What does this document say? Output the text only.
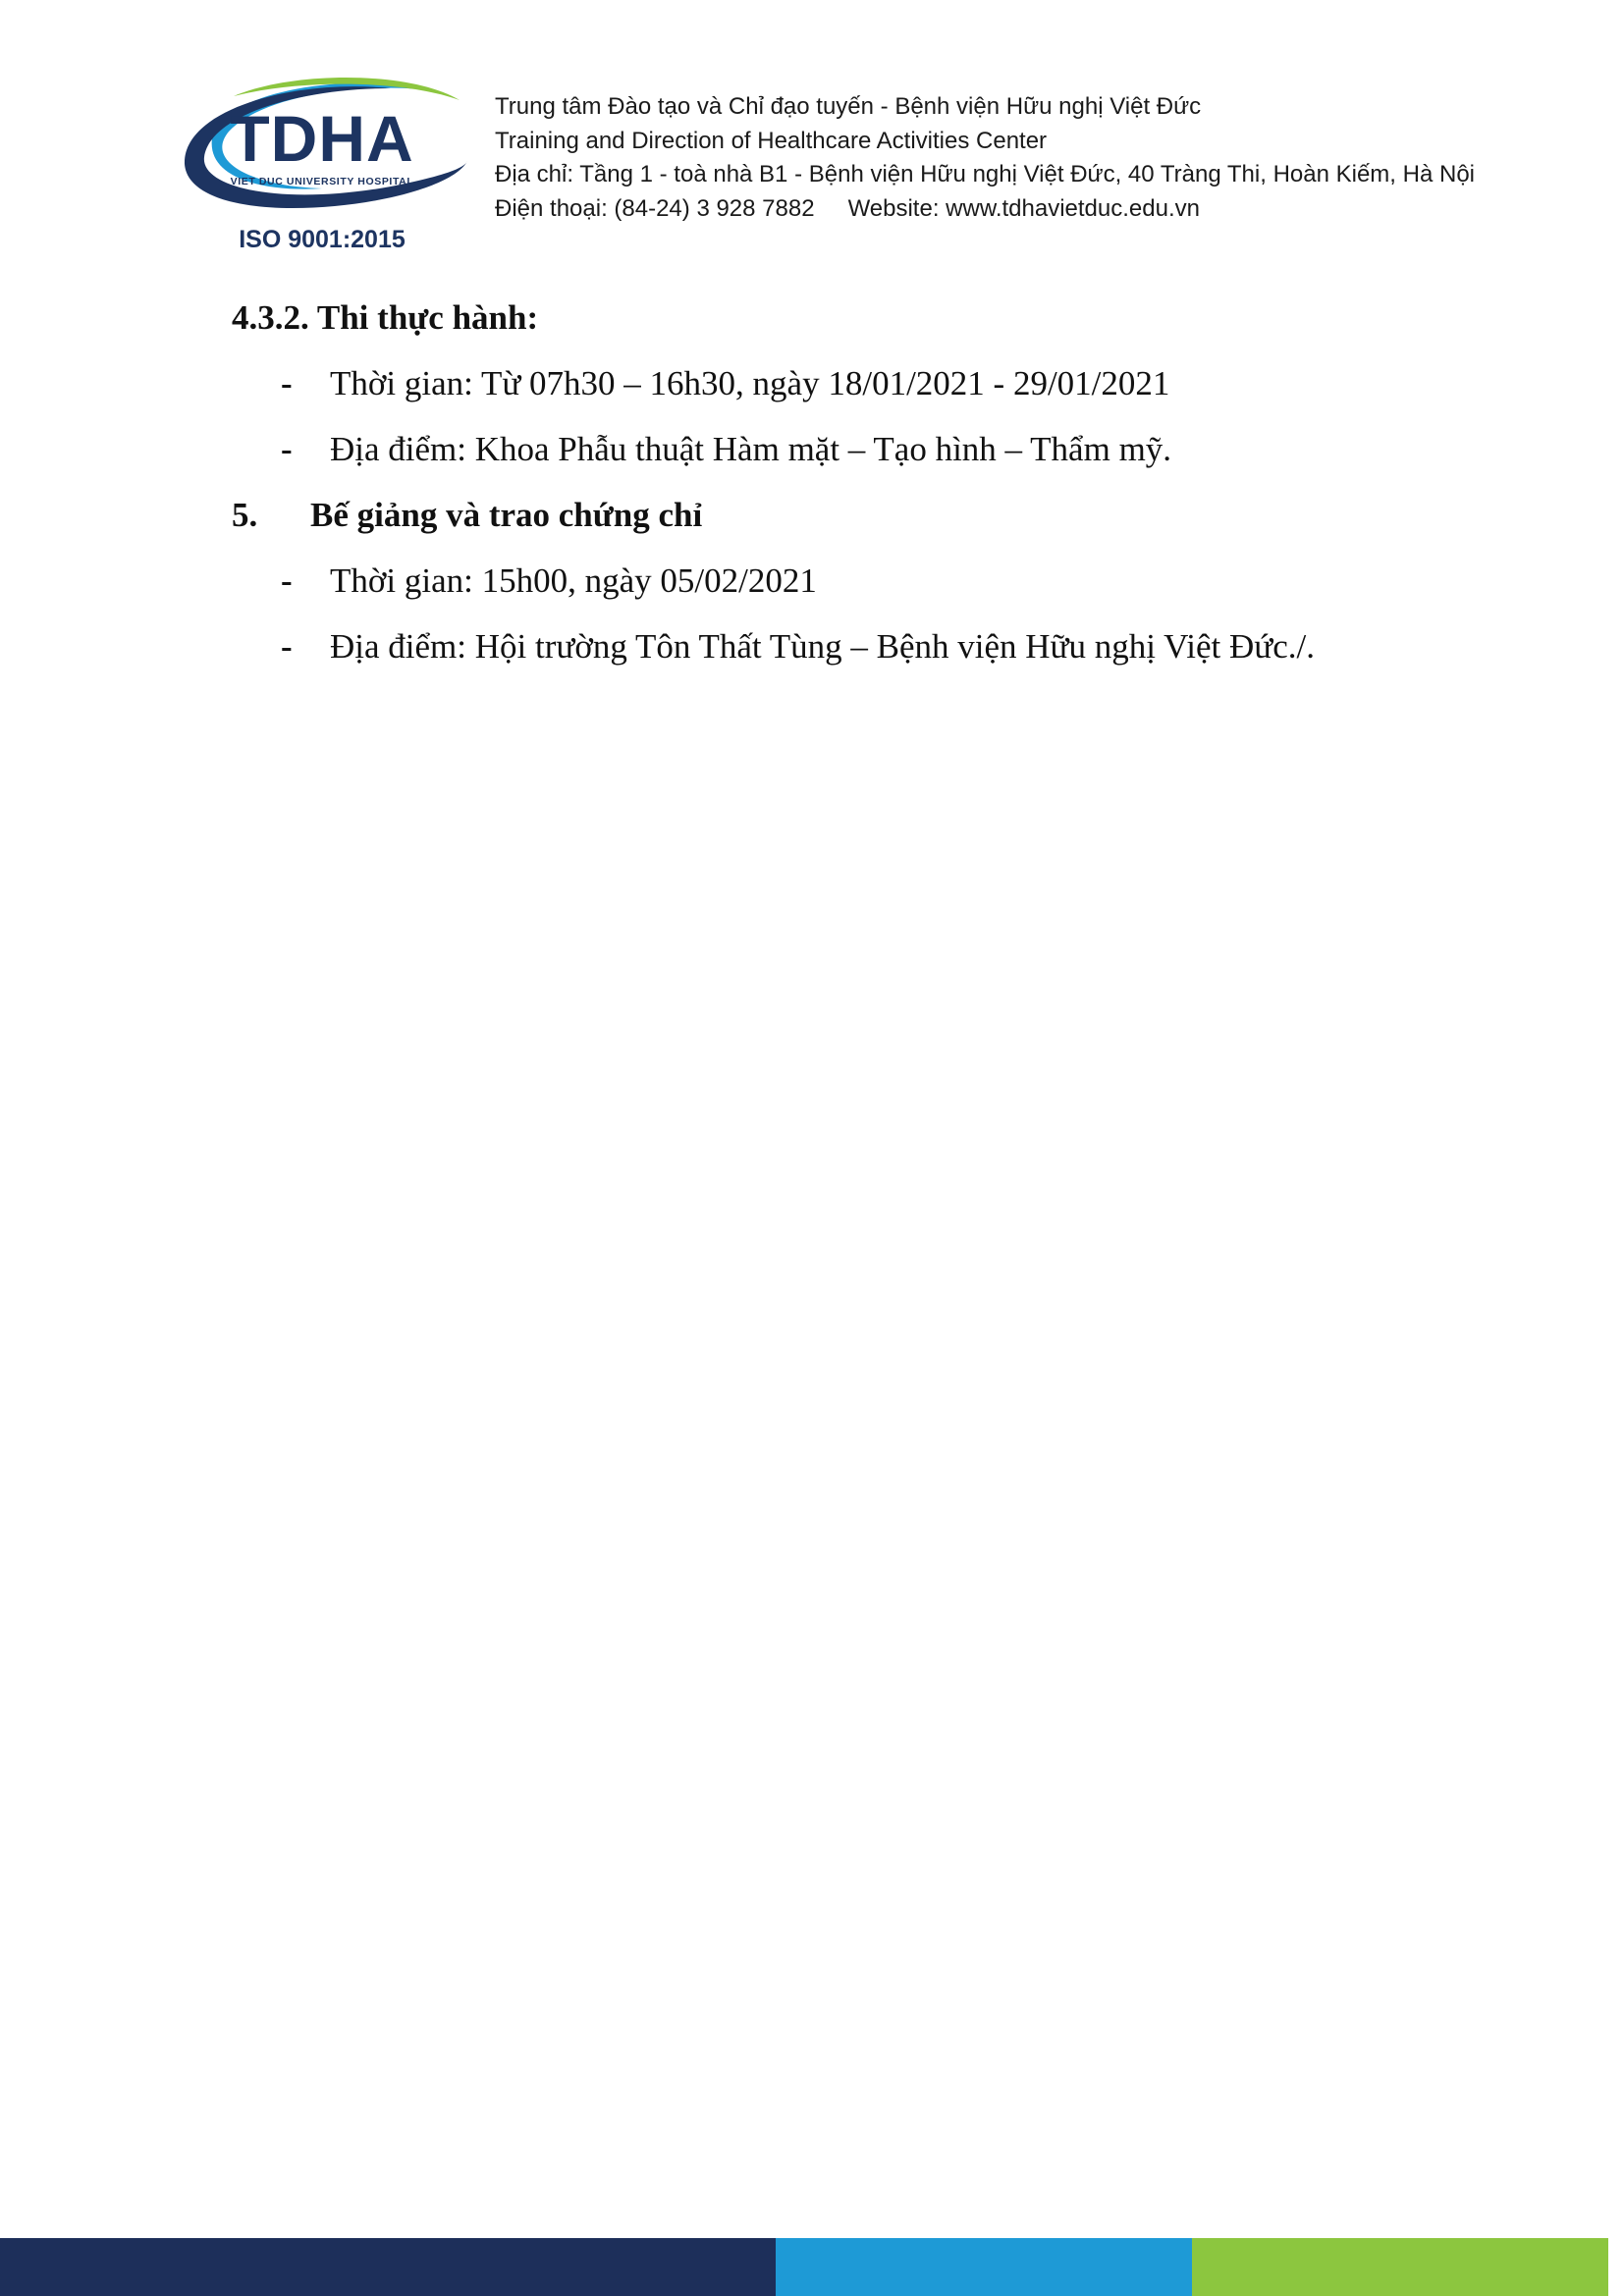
TDHA
VIET DUC UNIVERSITY HOSPITAL
ISO 9001:2015
Trung tâm Đào tạo và Chỉ đạo tuyến - Bệnh viện Hữu nghị Việt Đức
Training and Direction of Healthcare Activities Center
Địa chỉ: Tầng 1 - toà nhà B1 - Bệnh viện Hữu nghị Việt Đức, 40 Tràng Thi, Hoàn Kiếm, Hà Nội
Điện thoại: (84-24) 3 928 7882 Website: www.tdhavietduc.edu.vn
4.3.2. Thi thực hành:
- Thời gian: Từ 07h30 – 16h30, ngày 18/01/2021 - 29/01/2021
- Địa điểm: Khoa Phẫu thuật Hàm mặt – Tạo hình – Thẩm mỹ.
5. Bế giảng và trao chứng chỉ
- Thời gian: 15h00, ngày 05/02/2021
- Địa điểm: Hội trường Tôn Thất Tùng – Bệnh viện Hữu nghị Việt Đức./.
